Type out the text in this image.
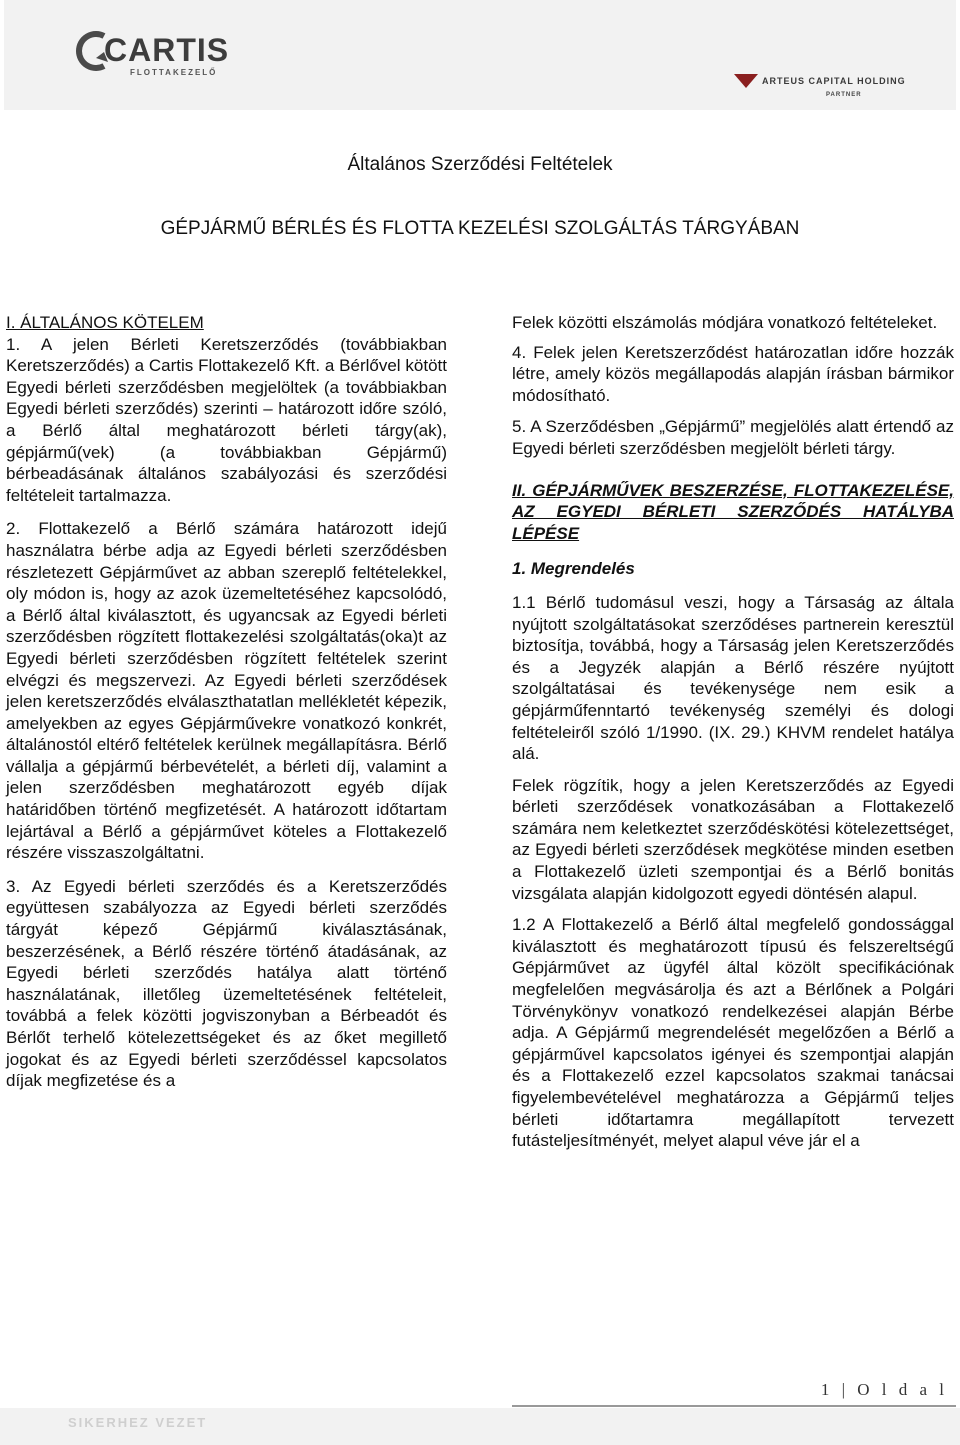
CARTIS
FLOTTAKEZELŐ
ARTEUS CAPITAL HOLDING
PARTNER
Általános Szerződési Feltételek
GÉPJÁRMŰ BÉRLÉS ÉS FLOTTA KEZELÉSI SZOLGÁLTÁS TÁRGYÁBAN

I. ÁLTALÁNOS KÖTELEM

1. A jelen Bérleti Keretszerződés (továbbiakban Keretszerződés) a Cartis Flottakezelő Kft. a Bérlővel kötött Egyedi bérleti szerződésben megjelöltek (a továbbiakban Egyedi bérleti szerződés) szerinti – határozott időre szóló, a Bérlő által meghatározott bérleti tárgy(ak), gépjármű(vek) (a továbbiakban Gépjármű) bérbeadásának általános szabályozási és szerződési feltételeit tartalmazza.

2. Flottakezelő a Bérlő számára határozott idejű használatra bérbe adja az Egyedi bérleti szerződésben részletezett Gépjárművet az abban szereplő feltételekkel, oly módon is, hogy az azok üzemeltetéséhez kapcsolódó, a Bérlő által kiválasztott, és ugyancsak az Egyedi bérleti szerződésben rögzített flottakezelési szolgáltatás(oka)t az Egyedi bérleti szerződésben rögzített feltételek szerint elvégzi és megszervezi. Az Egyedi bérleti szerződések jelen keretszerződés elválaszthatatlan mellékletét képezik, amelyekben az egyes Gépjárművekre vonatkozó konkrét, általánostól eltérő feltételek kerülnek megállapításra. Bérlő vállalja a gépjármű bérbevételét, a bérleti díj, valamint a jelen szerződésben meghatározott egyéb díjak határidőben történő megfizetését. A határozott időtartam lejártával a Bérlő a gépjárművet köteles a Flottakezelő részére visszaszolgáltatni.

3. Az Egyedi bérleti szerződés és a Keretszerződés együttesen szabályozza az Egyedi bérleti szerződés tárgyát képező Gépjármű kiválasztásának, beszerzésének, a Bérlő részére történő átadásának, az Egyedi bérleti szerződés hatálya alatt történő használatának, illetőleg üzemeltetésének feltételeit, továbbá a felek közötti jogviszonyban a Bérbeadót és Bérlőt terhelő kötelezettségeket és az őket megillető jogokat és az Egyedi bérleti szerződéssel kapcsolatos díjak megfizetése és a

Felek közötti elszámolás módjára vonatkozó feltételeket.

4. Felek jelen Keretszerződést határozatlan időre hozzák létre, amely közös megállapodás alapján írásban bármikor módosítható.

5. A Szerződésben „Gépjármű” megjelölés alatt értendő az Egyedi bérleti szerződésben megjelölt bérleti tárgy.

II. GÉPJÁRMŰVEK BESZERZÉSE, FLOTTAKEZELÉSE, AZ EGYEDI BÉRLETI SZERZŐDÉS HATÁLYBA LÉPÉSE

1. Megrendelés

1.1 Bérlő tudomásul veszi, hogy a Társaság az általa nyújtott szolgáltatásokat szerződéses partnerein keresztül biztosítja, továbbá, hogy a Társaság jelen Keretszerződés és a Jegyzék alapján a Bérlő részére nyújtott szolgáltatásai és tevékenysége nem esik a gépjárműfenntartó tevékenység személyi és dologi feltételeiről szóló 1/1990. (IX. 29.) KHVM rendelet hatálya alá.

Felek rögzítik, hogy a jelen Keretszerződés az Egyedi bérleti szerződések vonatkozásában a Flottakezelő számára nem keletkeztet szerződéskötési kötelezettséget, az Egyedi bérleti szerződések megkötése minden esetben a Flottakezelő üzleti szempontjai és a Bérlő bonitás vizsgálata alapján kidolgozott egyedi döntésén alapul.

1.2 A Flottakezelő a Bérlő által megfelelő gondossággal kiválasztott és meghatározott típusú és felszereltségű Gépjárművet az ügyfél által közölt specifikációnak megfelelően megvásárolja és azt a Bérlőnek a Polgári Törvénykönyv vonatkozó rendelkezései alapján Bérbe adja. A Gépjármű megrendelését megelőzően a Bérlő a gépjárművel kapcsolatos igényei és szempontjai alapján és a Flottakezelő ezzel kapcsolatos szakmai tanácsai figyelembevételével meghatározza a Gépjármű teljes bérleti időtartamra megállapított tervezett futásteljesítményét, melyet alapul véve jár el a

1 | O l d a l
SIKERHEZ VEZET
